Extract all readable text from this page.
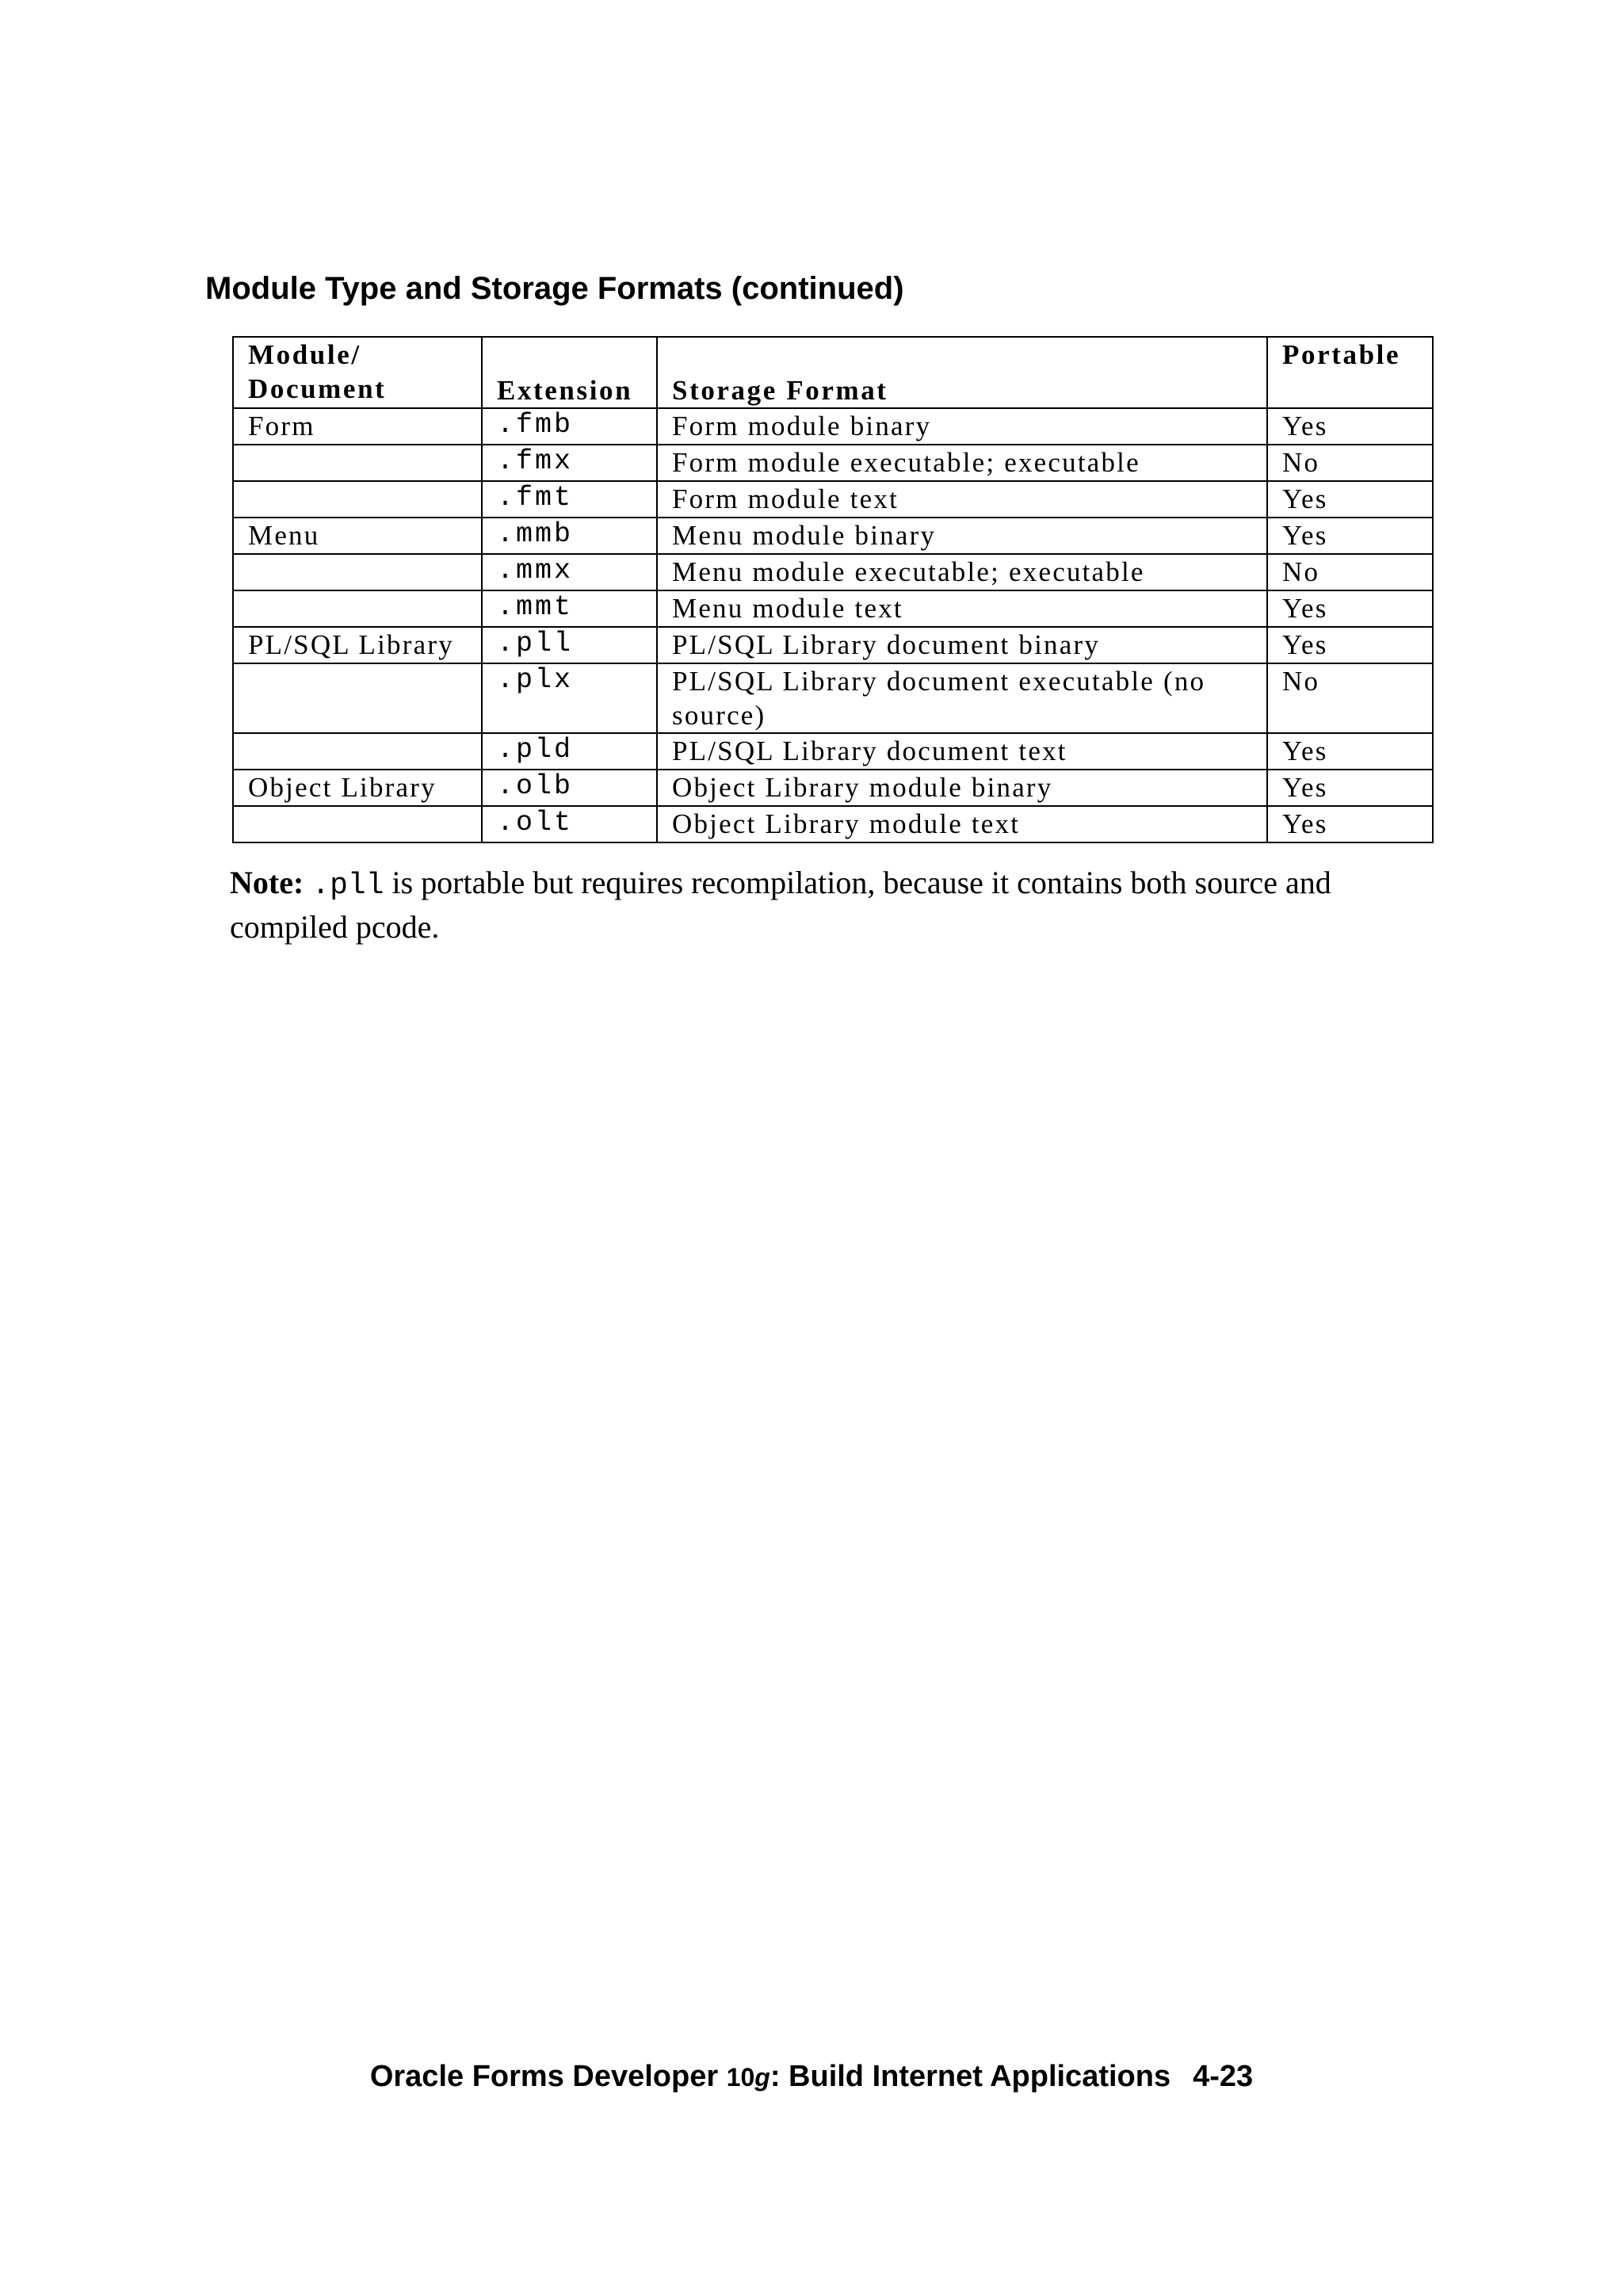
Module Type and Storage Formats (continued)
Module/
Document	Extension	Storage Format	Portable
Form	.fmb	Form module binary	Yes
	.fmx	Form module executable; executable	No
	.fmt	Form module text	Yes
Menu	.mmb	Menu module binary	Yes
	.mmx	Menu module executable; executable	No
	.mmt	Menu module text	Yes
PL/SQL Library	.pll	PL/SQL Library document binary	Yes
	.plx	PL/SQL Library document executable (no source)	No
	.pld	PL/SQL Library document text	Yes
Object Library	.olb	Object Library module binary	Yes
	.olt	Object Library module text	Yes
Note: .pll is portable but requires recompilation, because it contains both source and compiled pcode.
Oracle Forms Developer 10g: Build Internet Applications 4-23
